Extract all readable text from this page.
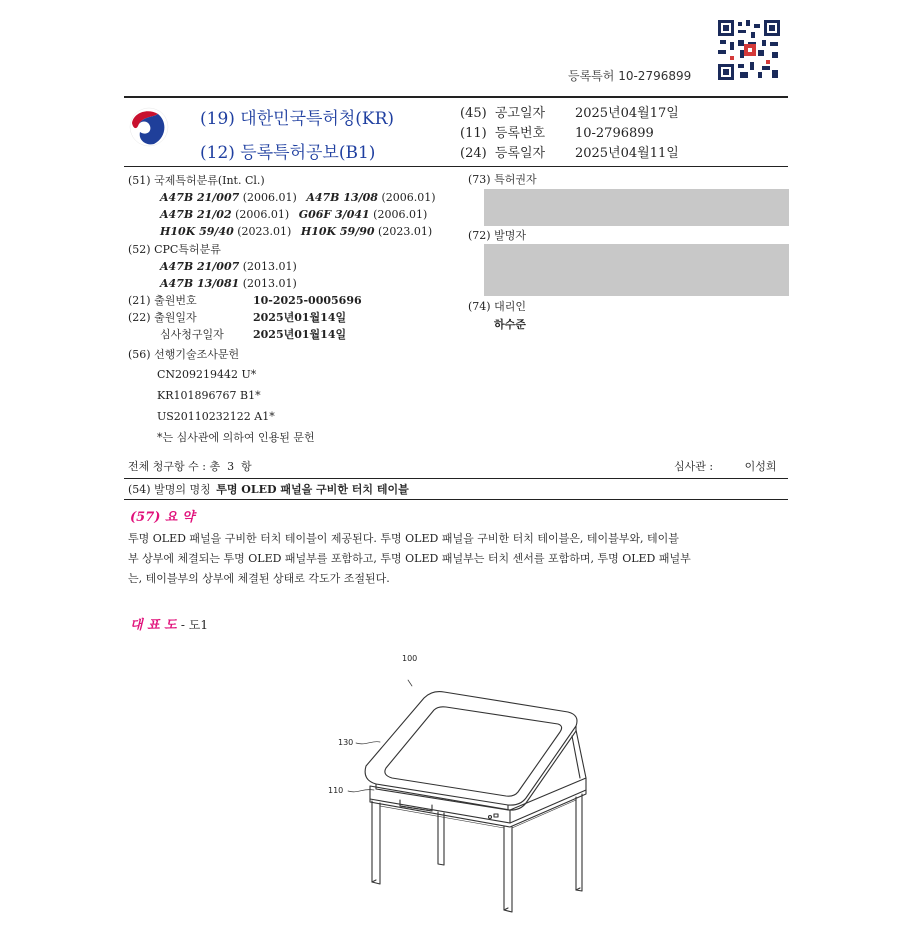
등록특허 10-2796899
(19) 대한민국특허청(KR)
(12) 등록특허공보(B1)
(45) 공고일자 2025년04월17일
(11) 등록번호 10-2796899
(24) 등록일자 2025년04월11일
(51) 국제특허분류(Int. Cl.)
A47B 21/007 (2006.01) A47B 13/08 (2006.01)
A47B 21/02 (2006.01) G06F 3/041 (2006.01)
H10K 59/40 (2023.01) H10K 59/90 (2023.01)
(52) CPC특허분류
A47B 21/007 (2013.01)
A47B 13/081 (2013.01)
(21) 출원번호	10-2025-0005696
(22) 출원일자	2025년01월14일
심사청구일자	2025년01월14일
(56) 선행기술조사문헌
CN209219442 U*
KR101896767 B1*
US20110232122 A1*
*는 심사관에 의하여 인용된 문헌
(73) 특허권자
(72) 발명자
(74) 대리인
하수준
전체 청구항 수 : 총  3  항	심사관 :	이성희
(54) 발명의 명칭 투명 OLED 패널을 구비한 터치 테이블
(57) 요 약
투명 OLED 패널을 구비한 터치 테이블이 제공된다. 투명 OLED 패널을 구비한 터치 테이블은, 테이블부와, 테이블
부 상부에 체결되는 투명 OLED 패널부를 포함하고, 투명 OLED 패널부는 터치 센서를 포함하며, 투명 OLED 패널부
는, 테이블부의 상부에 체결된 상태로 각도가 조절된다.
대 표 도 - 도1
100
130
110
